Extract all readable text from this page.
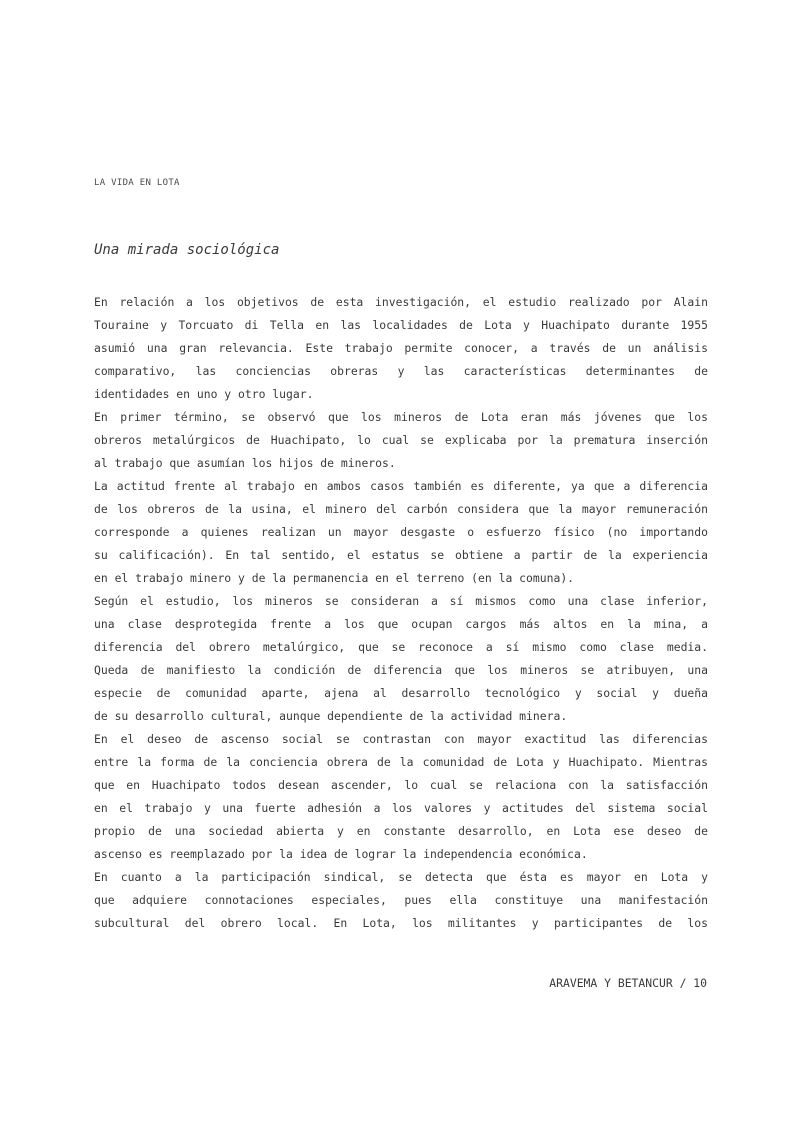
LA VIDA EN LOTA
Una mirada sociológica
En relación a los objetivos de esta investigación, el estudio realizado por Alain
Touraine y Torcuato di Tella en las localidades de Lota y Huachipato durante 1955
asumió una gran relevancia. Este trabajo permite conocer, a través de un análisis
comparativo, las conciencias obreras y las características determinantes de
identidades en uno y otro lugar.
En primer término, se observó que los mineros de Lota eran más jóvenes que los
obreros metalúrgicos de Huachipato, lo cual se explicaba por la prematura inserción
al trabajo que asumían los hijos de mineros.
La actitud frente al trabajo en ambos casos también es diferente, ya que a diferencia
de los obreros de la usina, el minero del carbón considera que la mayor remuneración
corresponde a quienes realizan un mayor desgaste o esfuerzo físico (no importando
su calificación). En tal sentido, el estatus se obtiene a partir de la experiencia
en el trabajo minero y de la permanencia en el terreno (en la comuna).
Según el estudio, los mineros se consideran a sí mismos como una clase inferior,
una clase desprotegida frente a los que ocupan cargos más altos en la mina, a
diferencia del obrero metalúrgico, que se reconoce a sí mismo como clase media.
Queda de manifiesto la condición de diferencia que los mineros se atribuyen, una
especie de comunidad aparte, ajena al desarrollo tecnológico y social y dueña
de su desarrollo cultural, aunque dependiente de la actividad minera.
En el deseo de ascenso social se contrastan con mayor exactitud las diferencias
entre la forma de la conciencia obrera de la comunidad de Lota y Huachipato. Mientras
que en Huachipato todos desean ascender, lo cual se relaciona con la satisfacción
en el trabajo y una fuerte adhesión a los valores y actitudes del sistema social
propio de una sociedad abierta y en constante desarrollo, en Lota ese deseo de
ascenso es reemplazado por la idea de lograr la independencia económica.
En cuanto a la participación sindical, se detecta que ésta es mayor en Lota y
que adquiere connotaciones especiales, pues ella constituye una manifestación
subcultural del obrero local. En Lota, los militantes y participantes de los
ARAVEMA Y BETANCUR / 10
